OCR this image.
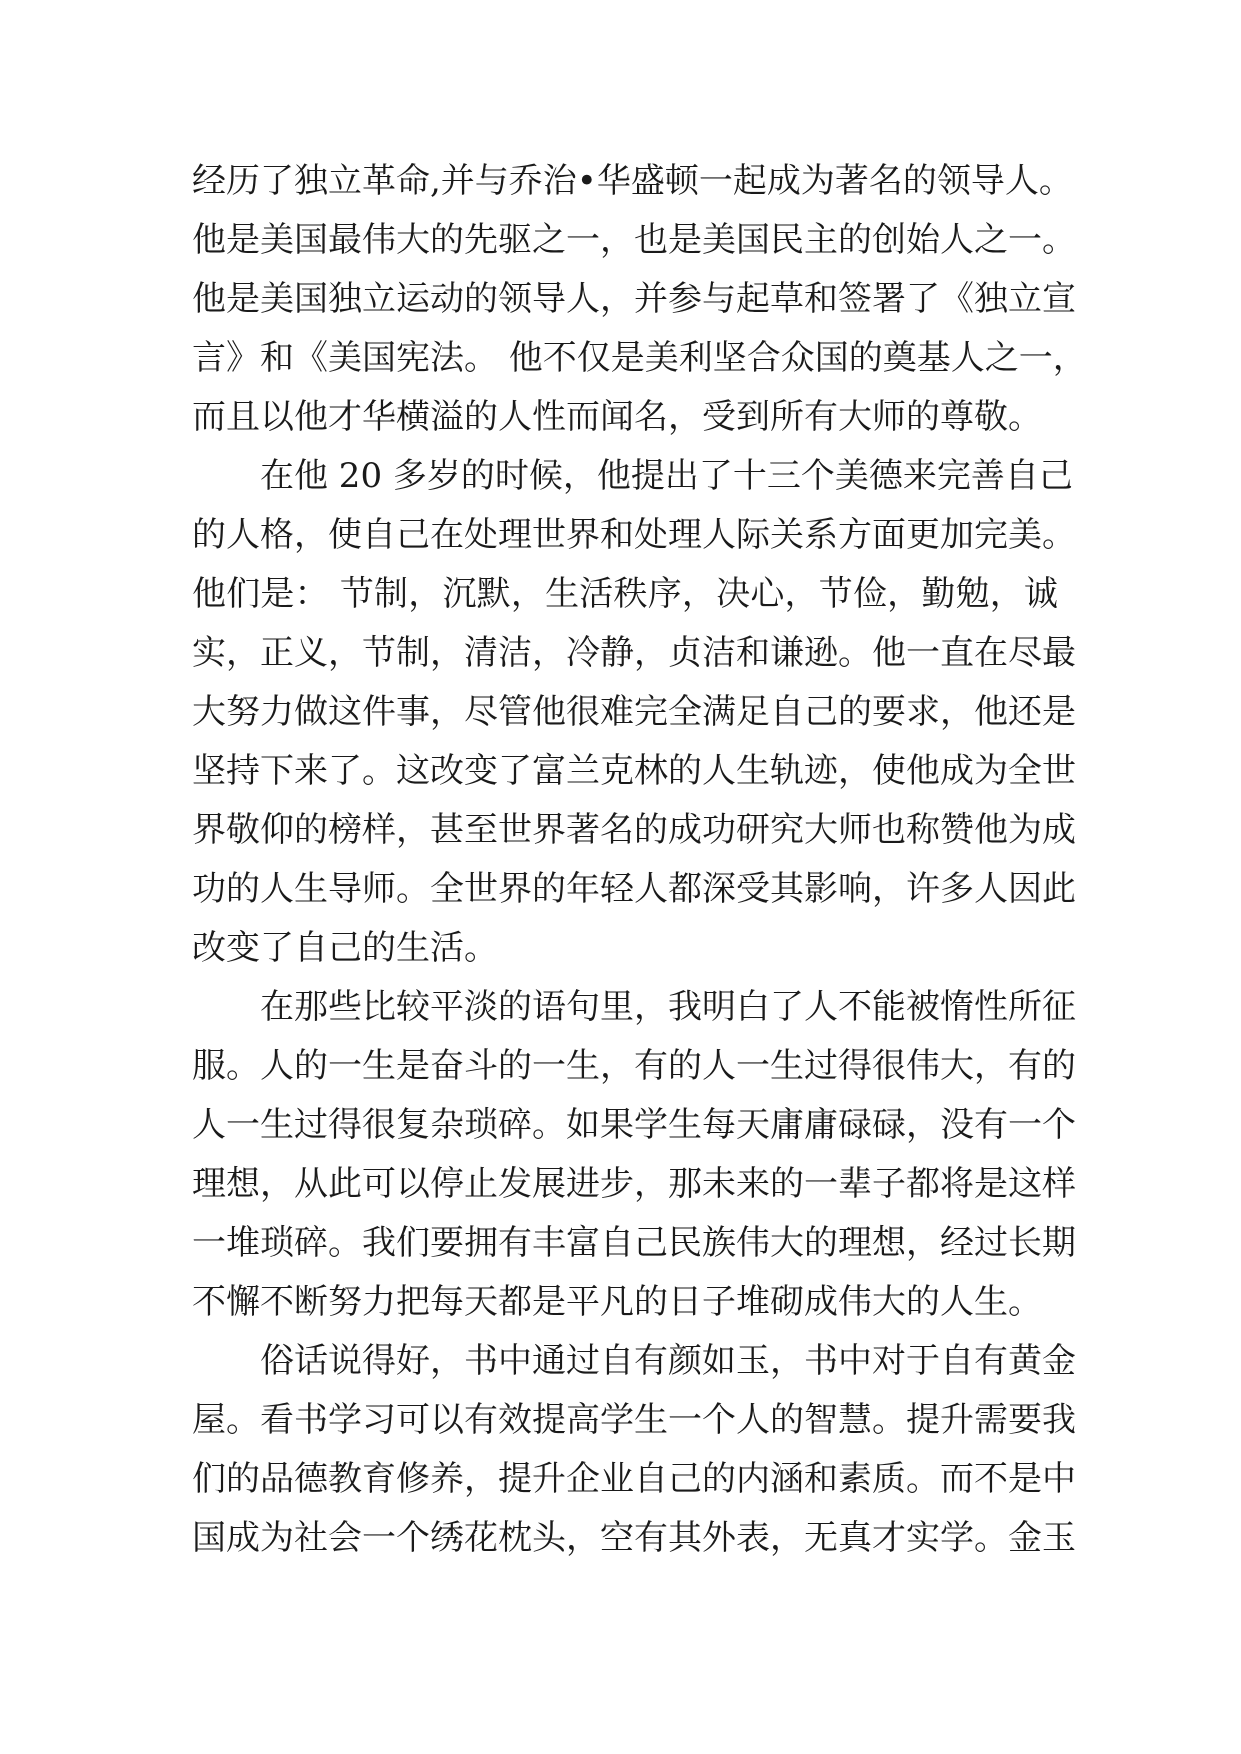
经历了独立革命,并与乔治•华盛顿一起成为著名的领导人。
他是美国最伟大的先驱之一，也是美国民主的创始人之一。
他是美国独立运动的领导人，并参与起草和签署了《独立宣
言》和《美国宪法。 他不仅是美利坚合众国的奠基人之一，
而且以他才华横溢的人性而闻名，受到所有大师的尊敬。
在他 20 多岁的时候，他提出了十三个美德来完善自己
的人格，使自己在处理世界和处理人际关系方面更加完美。
他们是： 节制，沉默，生活秩序，决心，节俭，勤勉，诚
实，正义，节制，清洁，冷静，贞洁和谦逊。他一直在尽最
大努力做这件事，尽管他很难完全满足自己的要求，他还是
坚持下来了。这改变了富兰克林的人生轨迹，使他成为全世
界敬仰的榜样，甚至世界著名的成功研究大师也称赞他为成
功的人生导师。全世界的年轻人都深受其影响，许多人因此
改变了自己的生活。
在那些比较平淡的语句里，我明白了人不能被惰性所征
服。人的一生是奋斗的一生，有的人一生过得很伟大，有的
人一生过得很复杂琐碎。如果学生每天庸庸碌碌，没有一个
理想，从此可以停止发展进步，那未来的一辈子都将是这样
一堆琐碎。我们要拥有丰富自己民族伟大的理想，经过长期
不懈不断努力把每天都是平凡的日子堆砌成伟大的人生。
俗话说得好，书中通过自有颜如玉，书中对于自有黄金
屋。看书学习可以有效提高学生一个人的智慧。提升需要我
们的品德教育修养，提升企业自己的内涵和素质。而不是中
国成为社会一个绣花枕头，空有其外表，无真才实学。金玉
